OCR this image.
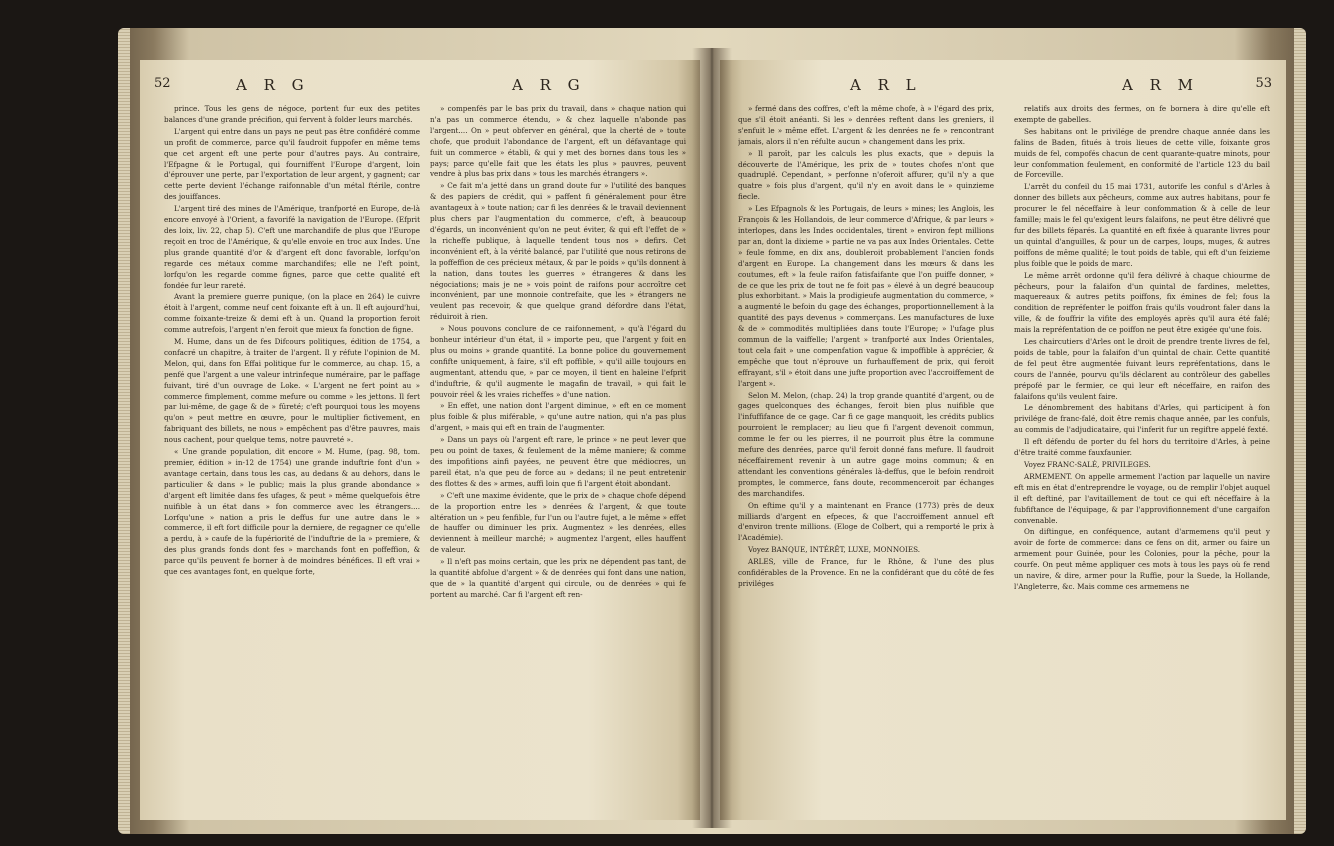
52	A R G	A R G

prince. Tous les gens de négoce, portent fur eux des petites balances d'une grande précifion, qui fervent à folder leurs marchés.

L'argent qui entre dans un pays ne peut pas être confidéré comme un profit de commerce, parce qu'il faudroit fuppofer en même tems que cet argent eft une perte pour d'autres pays. Au contraire, l'Efpagne & le Portugal, qui fourniffent l'Europe d'argent, loin d'éprouver une perte, par l'exportation de leur argent, y gagnent; car cette perte devient l'échange raifonnable d'un métal ftérile, contre des jouiffances.

L'argent tiré des mines de l'Amérique, tranfporté en Europe, de-là encore envoyé à l'Orient, a favorifé la navigation de l'Europe. (Efprit des loix, liv. 22, chap 5). C'eft une marchandife de plus que l'Europe reçoit en troc de l'Amérique, & qu'elle envoie en troc aux Indes. Une plus grande quantité d'or & d'argent eft donc favorable, lorfqu'on regarde ces métaux comme marchandifes; elle ne l'eft point, lorfqu'on les regarde comme fignes, parce que cette qualité eft fondée fur leur rareté.

Avant la premiere guerre punique, (on la place en 264) le cuivre étoit à l'argent, comme neuf cent foixante eft à un. Il eft aujourd'hui, comme foixante-treize & demi eft à un. Quand la proportion feroit comme autrefois, l'argent n'en feroit que mieux fa fonction de figne.

M. Hume, dans un de fes Difcours politiques, édition de 1754, a confacré un chapitre, à traiter de l'argent. Il y réfute l'opinion de M. Melon, qui, dans fon Effai politique fur le commerce, au chap. 15, a penfé que l'argent a une valeur intrinfeque numéraire, par le paffage fuivant, tiré d'un ouvrage de Loke. « L'argent ne fert point au » commerce fimplement, comme mefure ou comme » les jettons. Il fert par lui-même, de gage & de » fûreté; c'eft pourquoi tous les moyens qu'on » peut mettre en œuvre, pour le multiplier fictivement, en fabriquant des billets, ne nous » empêchent pas d'être pauvres, mais nous cachent, pour quelque tems, notre pauvreté ».

« Une grande population, dit encore » M. Hume, (pag. 98, tom. premier, édition » in-12 de 1754) une grande induftrie font d'un » avantage certain, dans tous les cas, au dedans & au dehors, dans le particulier & dans » le public; mais la plus grande abondance » d'argent eft limitée dans fes ufages, & peut » même quelquefois être nuifible à un état dans » fon commerce avec les étrangers.... Lorfqu'une » nation a pris le deffus fur une autre dans le » commerce, il eft fort difficile pour la derniere, de regagner ce qu'elle a perdu, à » caufe de la fupériorité de l'induftrie de la » premiere, & des plus grands fonds dont fes » marchands font en poffeffion, & parce qu'ils peuvent fe borner à de moindres bénéfices. Il eft vrai » que ces avantages font, en quelque forte,

» compenfés par le bas prix du travail, dans » chaque nation qui n'a pas un commerce étendu, » & chez laquelle n'abonde pas l'argent.... On » peut obferver en général, que la cherté de » toute chofe, que produit l'abondance de l'argent, eft un défavantage qui fuit un commerce » établi, & qui y met des bornes dans tous les » pays; parce qu'elle fait que les états les plus » pauvres, peuvent vendre à plus bas prix dans » tous les marchés étrangers ».

» Ce fait m'a jetté dans un grand doute fur » l'utilité des banques & des papiers de crédit, qui » paffent fi généralement pour être avantageux à » toute nation; car fi les denrées & le travail deviennent plus chers par l'augmentation du commerce, c'eft, à beaucoup d'égards, un inconvénient qu'on ne peut éviter, & qui eft l'effet de » la richeffe publique, à laquelle tendent tous nos » defirs. Cet inconvénient eft, à la vérité balancé, par l'utilité que nous retirons de la poffeffion de ces précieux métaux, & par le poids » qu'ils donnent à la nation, dans toutes les guerres » étrangeres & dans les négociations; mais je ne » vois point de raifons pour accroître cet inconvénient, par une monnoie contrefaite, que les » étrangers ne veulent pas recevoir, & que quelque grand défordre dans l'état, réduiroit à rien.

» Nous pouvons conclure de ce raifonnement, » qu'à l'égard du bonheur intérieur d'un état, il » importe peu, que l'argent y foit en plus ou moins » grande quantité. La bonne police du gouvernement confifte uniquement, à faire, s'il eft poffible, » qu'il aille toujours en augmentant, attendu que, » par ce moyen, il tient en haleine l'efprit d'induftrie, & qu'il augmente le magafin de travail, » qui fait le pouvoir réel & les vraies richeffes » d'une nation.

» En effet, une nation dont l'argent diminue, » eft en ce moment plus foible & plus miférable, » qu'une autre nation, qui n'a pas plus d'argent, » mais qui eft en train de l'augmenter.

» Dans un pays où l'argent eft rare, le prince » ne peut lever que peu ou point de taxes, & feulement de la même maniere; & comme des impofitions ainfi payées, ne peuvent être que médiocres, un pareil état, n'a que peu de force au » dedans; il ne peut entretenir des flottes & des » armes, auffi loin que fi l'argent étoit abondant.

» C'eft une maxime évidente, que le prix de » chaque chofe dépend de la proportion entre les » denrées & l'argent, & que toute altération un » peu fenfible, fur l'un ou l'autre fujet, a le même » effet de hauffer ou diminuer les prix. Augmentez » les denrées, elles deviennent à meilleur marché; » augmentez l'argent, elles hauffent de valeur.

» Il n'eft pas moins certain, que les prix ne dépendent pas tant, de la quantité abfolue d'argent » & de denrées qui font dans une nation, que de » la quantité d'argent qui circule, ou de denrées » qui fe portent au marché. Car fi l'argent eft ren-

A R L	A R M	53

» fermé dans des coffres, c'eft la même chofe, à » l'égard des prix, que s'il étoit anéanti. Si les » denrées reftent dans les greniers, il s'enfuit le » même effet. L'argent & les denrées ne fe » rencontrant jamais, alors il n'en réfulte aucun » changement dans les prix.

» Il paroît, par les calculs les plus exacts, que » depuis la découverte de l'Amérique, les prix de » toutes chofes n'ont que quadruplé. Cependant, » perfonne n'oferoit affurer, qu'il n'y a que quatre » fois plus d'argent, qu'il n'y en avoit dans le » quinzieme fiecle.

» Les Efpagnols & les Portugais, de leurs » mines; les Anglois, les François & les Hollandois, de leur commerce d'Afrique, & par leurs » interlopes, dans les Indes occidentales, tirent » environ fept millions par an, dont la dixieme » partie ne va pas aux Indes Orientales. Cette » feule fomme, en dix ans, doubleroit probablement l'ancien fonds d'argent en Europe. La changement dans les mœurs & dans les coutumes, eft » la feule raifon fatisfaifante que l'on puiffe donner, » de ce que les prix de tout ne fe foit pas » élevé à un degré beaucoup plus exhorbitant. » Mais la prodigieufe augmentation du commerce, » a augmenté le befoin du gage des échanges, proportionnellement à la quantité des pays devenus » commerçans. Les manufactures de luxe & de » commodités multipliées dans toute l'Europe; » l'ufage plus commun de la vaiffelle; l'argent » tranfporté aux Indes Orientales, tout cela fait » une compenfation vague & impoffible à apprécier, & empêche que tout n'éprouve un furhauffement de prix, qui feroit effrayant, s'il » étoit dans une jufte proportion avec l'accroiffement de l'argent ».

Selon M. Melon, (chap. 24) la trop grande quantité d'argent, ou de gages quelconques des échanges, feroit bien plus nuifible que l'infuffifance de ce gage. Car fi ce gage manquoit, les crédits publics pourroient le remplacer; au lieu que fi l'argent devenoit commun, comme le fer ou les pierres, il ne pourroit plus être la commune mefure des denrées, parce qu'il feroit donné fans mefure. Il faudroit néceffairement revenir à un autre gage moins commun; & en attendant les conventions générales là-deffus, que le befoin rendroit promptes, le commerce, fans doute, recommenceroit par échanges des marchandifes.

On eftime qu'il y a maintenant en France (1773) près de deux milliards d'argent en efpeces, & que l'accroiffement annuel eft d'environ trente millions. (Eloge de Colbert, qui a remporté le prix à l'Académie).

Voyez BANQUE, INTÉRÊT, LUXE, MONNOIES.

ARLES, ville de France, fur le Rhône, & l'une des plus confidérables de la Provence. En ne la confidérant que du côté de fes priviléges

relatifs aux droits des fermes, on fe bornera à dire qu'elle eft exempte de gabelles.

Ses habitans ont le privilége de prendre chaque année dans les falins de Baden, fitués à trois lieues de cette ville, foixante gros muids de fel, compofés chacun de cent quarante-quatre minots, pour leur confommation feulement, en conformité de l'article 123 du bail de Forceville.

L'arrêt du confeil du 15 mai 1731, autorife les conful s d'Arles à donner des billets aux pêcheurs, comme aux autres habitans, pour fe procurer le fel néceffaire à leur confommation & à celle de leur famille; mais le fel qu'exigent leurs falaifons, ne peut être délivré que fur des billets féparés. La quantité en eft fixée à quarante livres pour un quintal d'anguilles, & pour un de carpes, loups, muges, & autres poiffons de même qualité; le tout poids de table, qui eft d'un feizieme plus foible que le poids de marc.

Le même arrêt ordonne qu'il fera délivré à chaque chiourme de pêcheurs, pour la falaifon d'un quintal de fardines, melettes, maquereaux & autres petits poiffons, fix émines de fel; fous la condition de repréfenter le poiffon frais qu'ils voudront faler dans la ville, & de fouffrir la vifite des employés après qu'il aura été falé; mais la repréfentation de ce poiffon ne peut être exigée qu'une fois.

Les chaircutiers d'Arles ont le droit de prendre trente livres de fel, poids de table, pour la falaifon d'un quintal de chair. Cette quantité de fel peut être augmentée fuivant leurs repréfentations, dans le cours de l'année, pourvu qu'ils déclarent au contrôleur des gabelles prépofé par le fermier, ce qui leur eft néceffaire, en raifon des falaifons qu'ils veulent faire.

Le dénombrement des habitans d'Arles, qui participent à fon privilége de franc-falé, doit être remis chaque année, par les confuls, au commis de l'adjudicataire, qui l'inferit fur un regiftre appelé fexté.

Il eft défendu de porter du fel hors du territoire d'Arles, à peine d'être traité comme fauxfaunier.

Voyez FRANC-SALÉ, PRIVILEGES.

ARMEMENT. On appelle armement l'action par laquelle un navire eft mis en état d'entreprendre le voyage, ou de remplir l'objet auquel il eft deftiné, par l'avitaillement de tout ce qui eft néceffaire à la fubfiftance de l'équipage, & par l'approvifionnement d'une cargaifon convenable.

On diftingue, en conféquence, autant d'armemens qu'il peut y avoir de forte de commerce: dans ce fens on dit, armer ou faire un armement pour Guinée, pour les Colonies, pour la pêche, pour la courfe. On peut même appliquer ces mots à tous les pays où fe rend un navire, & dire, armer pour la Ruffie, pour la Suede, la Hollande, l'Angleterre, &c. Mais comme ces armemens ne
